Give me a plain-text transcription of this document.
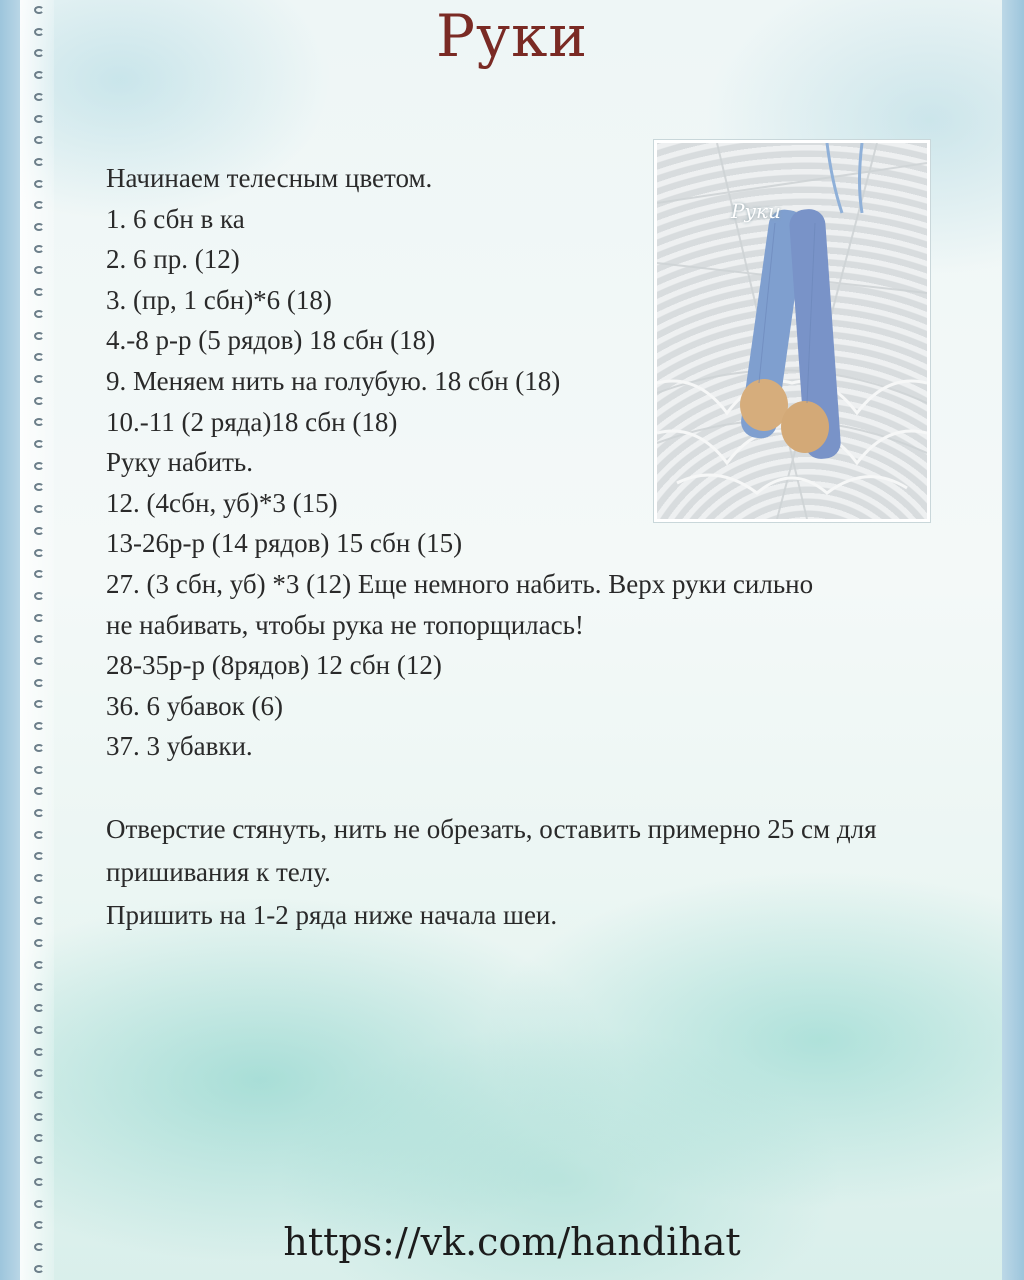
Руки
Руки
Начинаем телесным цветом.
1. 6 сбн в ка
2. 6 пр. (12)
3. (пр, 1 сбн)*6 (18)
4.-8 р-р (5 рядов) 18 сбн (18)
9. Меняем нить на голубую. 18 сбн (18)
10.-11 (2 ряда)18 сбн (18)
Руку набить.
12. (4сбн, уб)*3 (15)
13-26р-р (14 рядов) 15 сбн (15)
27. (3 сбн, уб) *3 (12) Еще немного набить. Верх руки сильно не набивать, чтобы рука не топорщилась!
28-35р-р (8рядов) 12 сбн (12)
36. 6 убавок (6)
37. 3 убавки.
Отверстие стянуть, нить не обрезать, оставить примерно 25 см для пришивания к телу.
Пришить на 1-2 ряда ниже начала шеи.
https://vk.com/handihat
